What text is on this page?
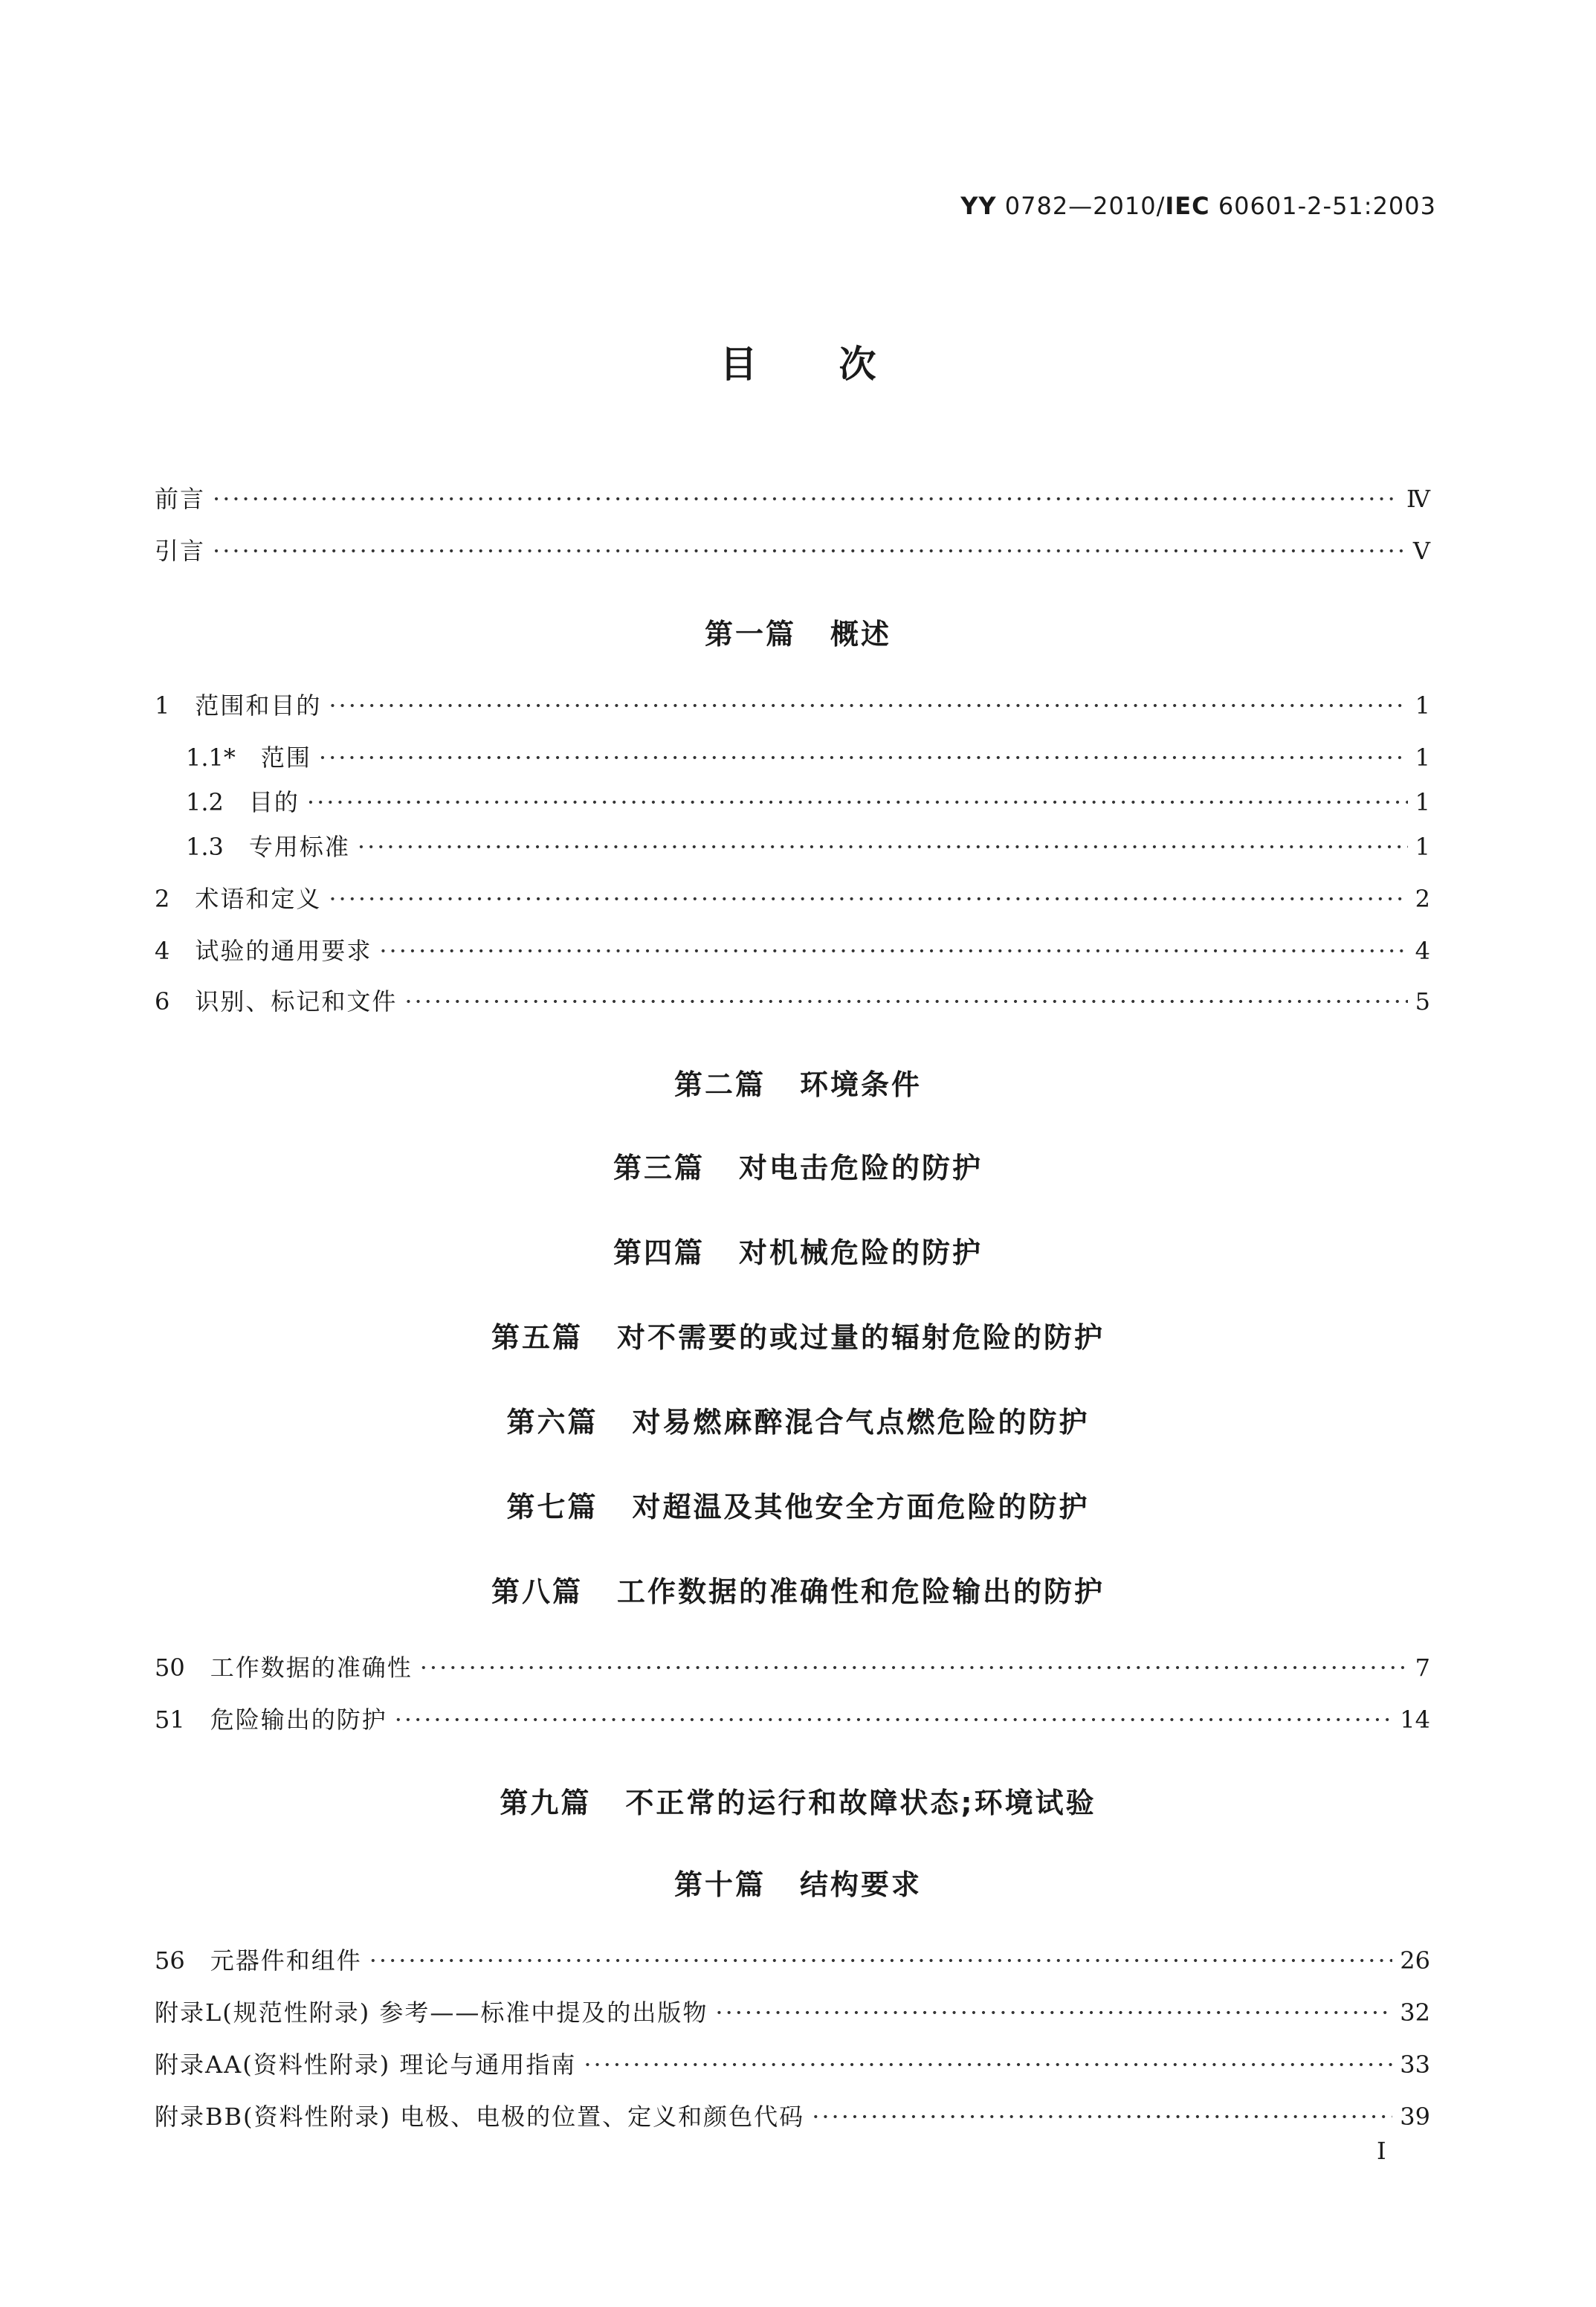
YY 0782—2010/IEC 60601-2-51:2003
目次
前言 ·····	Ⅳ
引言 ·····	Ⅴ
第一篇 概述
1 范围和目的 ·····	1
1.1* 范围 ·····	1
1.2 目的 ·····	1
1.3 专用标准 ·····	1
2 术语和定义 ·····	2
4 试验的通用要求 ·····	4
6 识别、标记和文件 ·····	5
第二篇 环境条件
第三篇 对电击危险的防护
第四篇 对机械危险的防护
第五篇 对不需要的或过量的辐射危险的防护
第六篇 对易燃麻醉混合气点燃危险的防护
第七篇 对超温及其他安全方面危险的防护
第八篇 工作数据的准确性和危险输出的防护
50 工作数据的准确性 ·····	7
51 危险输出的防护 ·····	14
第九篇 不正常的运行和故障状态;环境试验
第十篇 结构要求
56 元器件和组件 ·····	26
附录L(规范性附录) 参考——标准中提及的出版物 ·····	32
附录AA(资料性附录) 理论与通用指南 ·····	33
附录BB(资料性附录) 电极、电极的位置、定义和颜色代码 ·····	39
I
